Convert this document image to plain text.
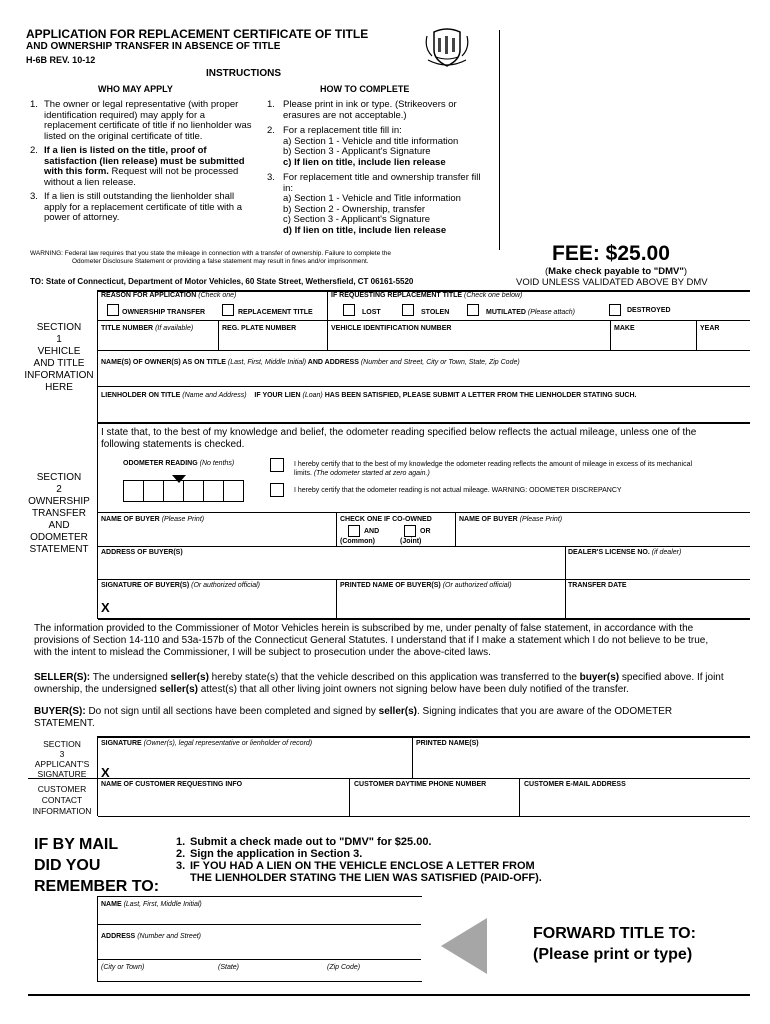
APPLICATION FOR REPLACEMENT CERTIFICATE OF TITLE
AND OWNERSHIP TRANSFER IN ABSENCE OF TITLE
H-6B REV. 10-12
INSTRUCTIONS
WHO MAY APPLY	HOW TO COMPLETE
1. The owner or legal representative (with proper identification required) may apply for a replacement certificate of title if no lienholder was listed on the original certificate of title.
2. If a lien is listed on the title, proof of satisfaction (lien release) must be submitted with this form. Request will not be processed without a lien release.
3. If a lien is still outstanding the lienholder shall apply for a replacement certificate of title with a power of attorney.
1. Please print in ink or type. (Strikeovers or erasures are not acceptable.)
2. For a replacement title fill in:
a) Section 1 - Vehicle and title information
b) Section 3 - Applicant's Signature
c) If lien on title, include lien release
3. For replacement title and ownership transfer fill in:
a) Section 1 - Vehicle and Title information
b) Section 2 - Ownership, transfer
c) Section 3 - Applicant's Signature
d) If lien on title, include lien release
WARNING: Federal law requires that you state the mileage in connection with a transfer of ownership. Failure to complete the
Odometer Disclosure Statement or providing a false statement may result in fines and/or imprisonment.	FEE: $25.00
(Make check payable to "DMV")
VOID UNLESS VALIDATED ABOVE BY DMV
TO: State of Connecticut, Department of Motor Vehicles, 60 State Street, Wethersfield, CT 06161-5520
SECTION
1
VEHICLE
AND TITLE
INFORMATION
HERE
REASON FOR APPLICATION (Check one)	IF REQUESTING REPLACEMENT TITLE (Check one below)
OWNERSHIP TRANSFER	REPLACEMENT TITLE	LOST	STOLEN	MUTILATED (Please attach)	DESTROYED
TITLE NUMBER (If available)	REG. PLATE NUMBER	VEHICLE IDENTIFICATION NUMBER	MAKE	YEAR
NAME(S) OF OWNER(S) AS ON TITLE (Last, First, Middle Initial) AND ADDRESS (Number and Street, City or Town, State, Zip Code)
LIENHOLDER ON TITLE (Name and Address) IF YOUR LIEN (Loan) HAS BEEN SATISFIED, PLEASE SUBMIT A LETTER FROM THE LIENHOLDER STATING SUCH.
SECTION
2
OWNERSHIP
TRANSFER
AND
ODOMETER
STATEMENT
I state that, to the best of my knowledge and belief, the odometer reading specified below reflects the actual mileage, unless one of the following statements is checked.
ODOMETER READING (No tenths)	I hereby certify that to the best of my knowledge the odometer reading reflects the amount of mileage in excess of its mechanical limits. (The odometer started at zero again.)
I hereby certify that the odometer reading is not actual mileage. WARNING: ODOMETER DISCREPANCY
NAME OF BUYER (Please Print)	CHECK ONE IF CO-OWNED
AND	OR
(Common)	(Joint)
NAME OF BUYER (Please Print)
ADDRESS OF BUYER(S)	DEALER'S LICENSE NO. (if dealer)
SIGNATURE OF BUYER(S) (Or authorized official)	PRINTED NAME OF BUYER(S) (Or authorized official)	TRANSFER DATE
X

The information provided to the Commissioner of Motor Vehicles herein is subscribed by me, under penalty of false statement, in accordance with the provisions of Section 14-110 and 53a-157b of the Connecticut General Statutes. I understand that if I make a statement which I do not believe to be true, with the intent to mislead the Commissioner, I will be subject to prosecution under the above-cited laws.

SELLER(S): The undersigned seller(s) hereby state(s) that the vehicle described on this application was transferred to the buyer(s) specified above. If joint ownership, the undersigned seller(s) attest(s) that all other living joint owners not signing below have been duly notified of the transfer.

BUYER(S): Do not sign until all sections have been completed and signed by seller(s). Signing indicates that you are aware of the ODOMETER STATEMENT.

SECTION
3
APPLICANT'S
SIGNATURE
SIGNATURE (Owner(s), legal representative or lienholder of record)	PRINTED NAME(S)
X
CUSTOMER
CONTACT
INFORMATION
NAME OF CUSTOMER REQUESTING INFO	CUSTOMER DAYTIME PHONE NUMBER	CUSTOMER E-MAIL ADDRESS
IF BY MAIL
DID YOU
REMEMBER TO:
1. Submit a check made out to "DMV" for $25.00.
2. Sign the application in Section 3.
3. IF YOU HAD A LIEN ON THE VEHICLE ENCLOSE A LETTER FROM
THE LIENHOLDER STATING THE LIEN WAS SATISFIED (PAID-OFF).
NAME (Last, First, Middle Initial)
ADDRESS (Number and Street)
(City or Town)	(State)	(Zip Code)
FORWARD TITLE TO:
(Please print or type)
